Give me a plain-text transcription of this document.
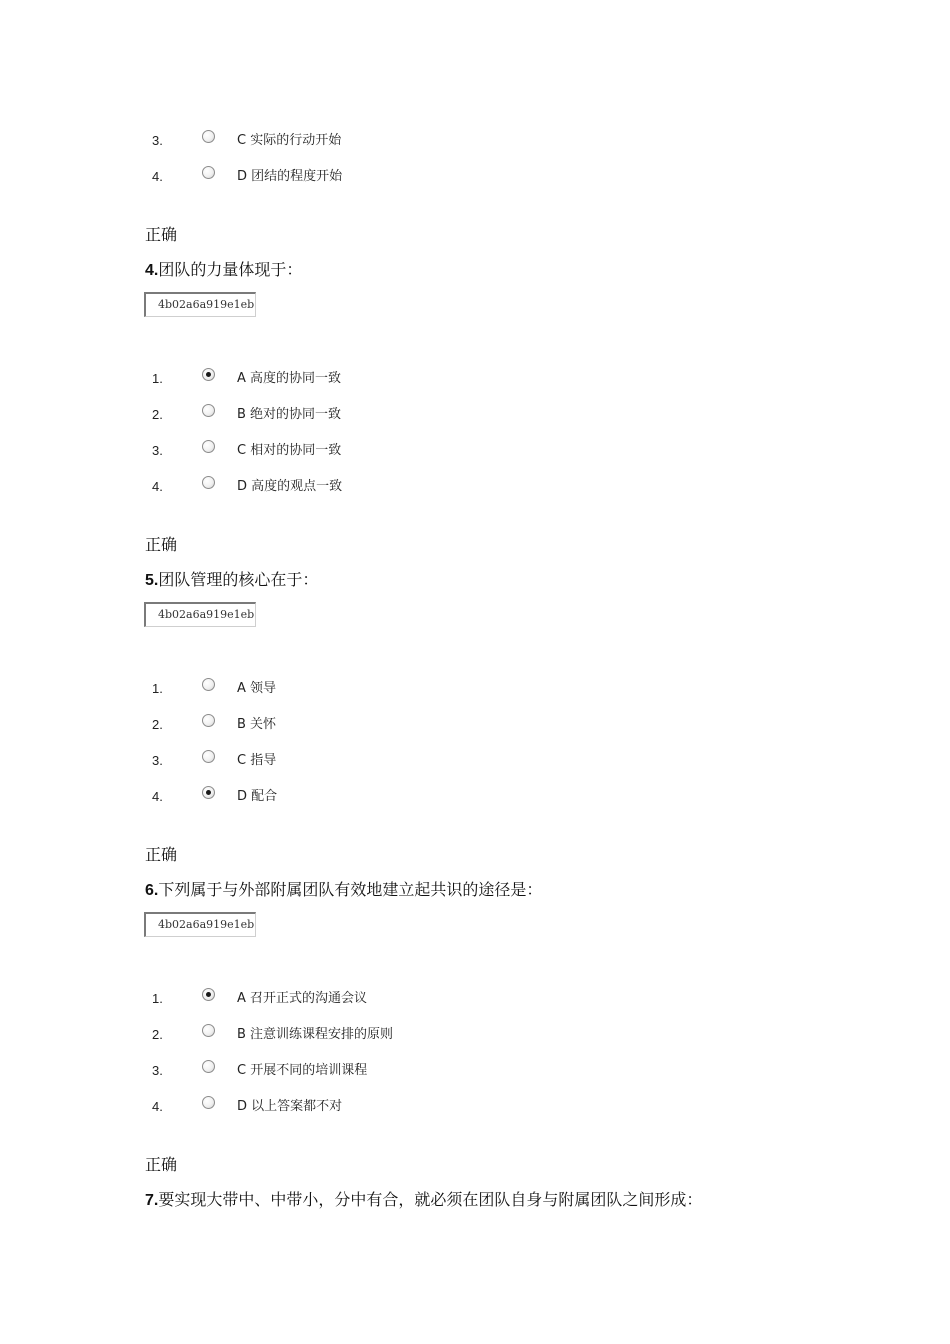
3.	C 实际的行动开始
4.	D 团结的程度开始
正确
4.团队的力量体现于：
4b02a6a919e1eb
1.	A 高度的协同一致
2.	B 绝对的协同一致
3.	C 相对的协同一致
4.	D 高度的观点一致
正确
5.团队管理的核心在于：
4b02a6a919e1eb
1.	A 领导
2.	B 关怀
3.	C 指导
4.	D 配合
正确
6.下列属于与外部附属团队有效地建立起共识的途径是：
4b02a6a919e1eb
1.	A 召开正式的沟通会议
2.	B 注意训练课程安排的原则
3.	C 开展不同的培训课程
4.	D 以上答案都不对
正确
7.要实现大带中、中带小，分中有合，就必须在团队自身与附属团队之间形成：
